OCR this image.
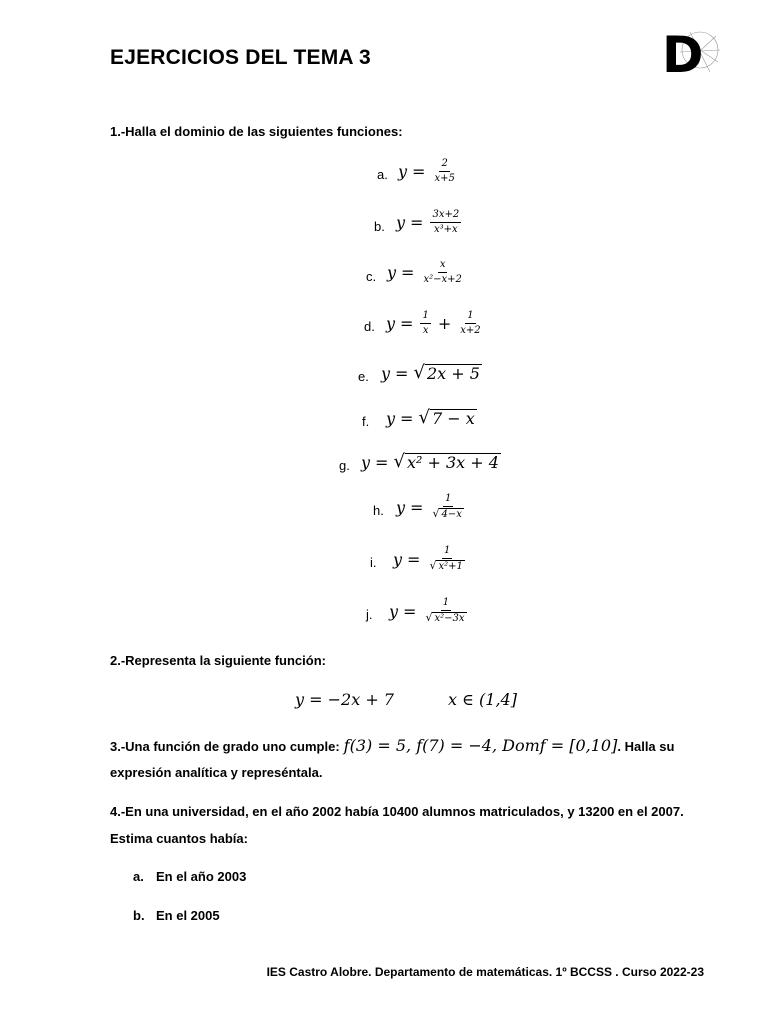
EJERCICIOS DEL TEMA 3	D
1.-Halla el dominio de las siguientes funciones:
a. $y = \frac{2}{x+5}$
b. $y = \frac{3x+2}{\text{x³+x}}$
c. $y = \frac{x}{\text{x²−x+2}}$
d. $y = \frac{1}{x} + \frac{1}{x+2}$
e. y = √ 2x + 5
f. y = √ 7 − x
g. y = √ x² + 3x + 4
h. $y = \frac{1}{√ 4-x}$
i. $y = \frac{1}{\text{√ x²+1}}$
j. $y = \frac{1}{\text{√ x²−3x}}$
2.-Representa la siguiente función:
y = −2x + 7	x ∈ (1,4]
3.-Una función de grado uno cumple: f(3) = 5, f(7) = −4, Domf = [0,10] . Halla su
expresión analítica y represéntala.
4.-En una universidad, en el año 2002 había 10400 alumnos matriculados, y 13200 en el 2007.
Estima cuantos había:
a. En el año 2003
b. En el 2005
IES Castro Alobre. Departamento de matemáticas. 1º BCCSS . Curso 2022-23
